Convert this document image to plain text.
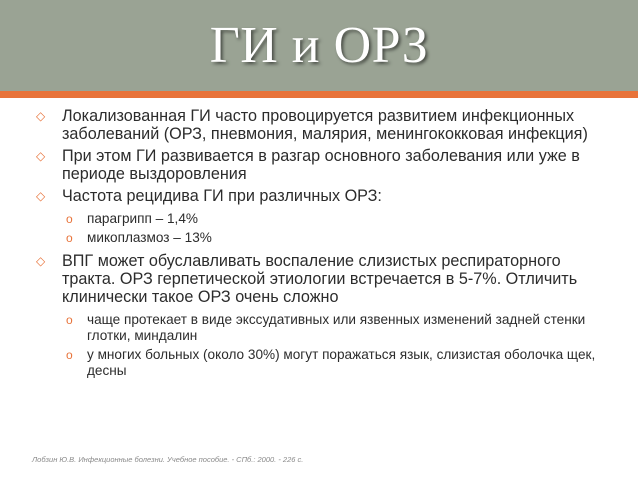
ГИ и ОРЗ
◇
Локализованная ГИ часто провоцируется развитием инфекционных заболеваний (ОРЗ, пневмония, малярия, менингококковая инфекция)
◇
При этом ГИ развивается в разгар основного заболевания или уже в периоде выздоровления
◇
Частота рецидива ГИ при различных ОРЗ:
o
парагрипп – 1,4%
o
микоплазмоз – 13%
◇
ВПГ может обуславливать воспаление слизистых респираторного тракта. ОРЗ герпетической этиологии встречается в 5-7%. Отличить клинически такое ОРЗ очень сложно
o
чаще протекает в виде экссудативных или язвенных изменений задней стенки глотки, миндалин
o
у многих больных (около 30%) могут поражаться язык, слизистая оболочка щек, десны
Лобзин Ю.В. Инфекционные болезни. Учебное пособие. - СПб.: 2000. - 226 с.
